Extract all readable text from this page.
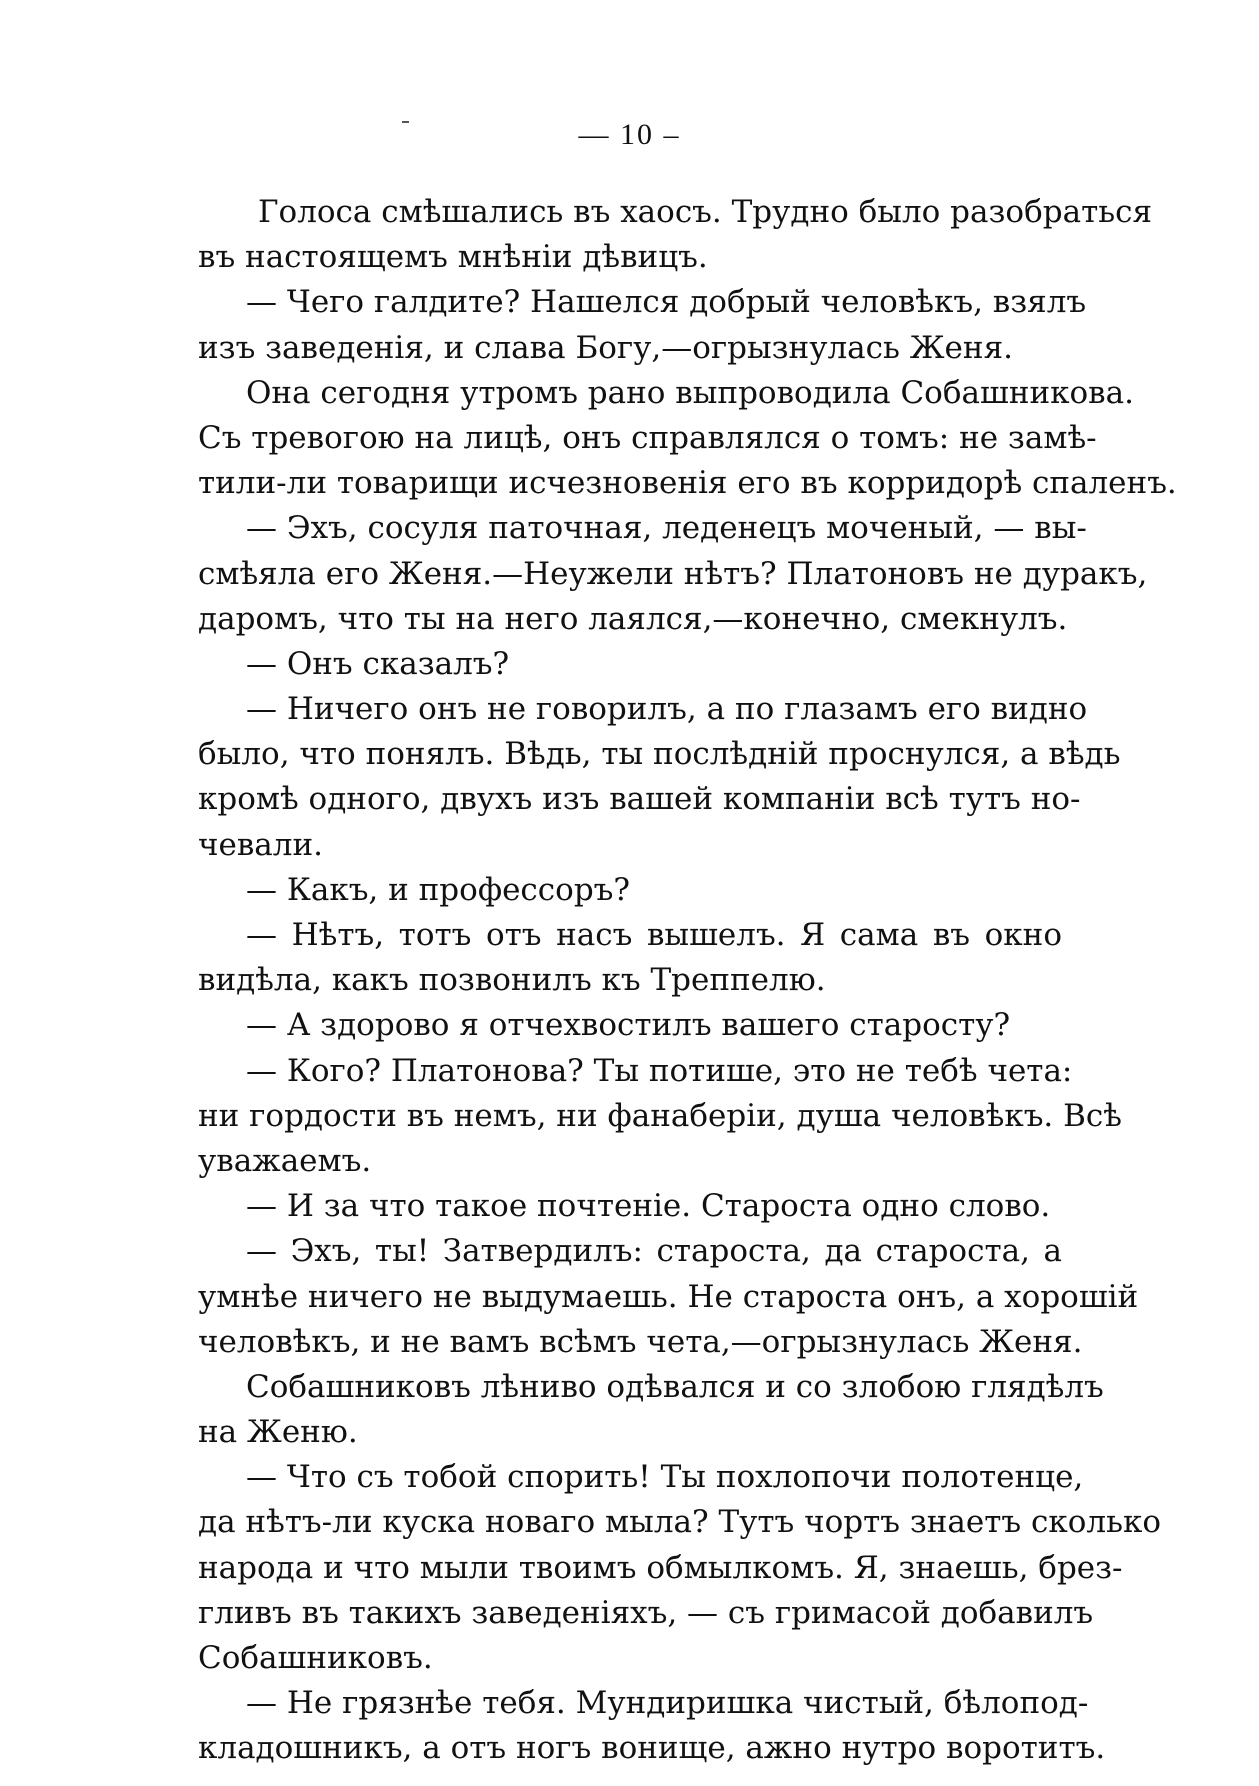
— 10 –
Голоса смѣшались въ хаосъ. Трудно было разобраться
въ настоящемъ мнѣніи дѣвицъ.
— Чего галдите? Нашелся добрый человѣкъ, взялъ
изъ заведенія, и слава Богу,—огрызнулась Женя.
Она сегодня утромъ рано выпроводила Собашникова.
Съ тревогою на лицѣ, онъ справлялся о томъ: не замѣ-
тили-ли товарищи исчезновенія его въ корридорѣ спаленъ.
— Эхъ, сосуля паточная, леденецъ моченый, — вы-
смѣяла его Женя.—Неужели нѣтъ? Платоновъ не дуракъ,
даромъ, что ты на него лаялся,—конечно, смекнулъ.
— Онъ сказалъ?
— Ничего онъ не говорилъ, а по глазамъ его видно
было, что понялъ. Вѣдь, ты послѣдній проснулся, а вѣдь
кромѣ одного, двухъ изъ вашей компаніи всѣ тутъ но-
чевали.
— Какъ, и профессоръ?
— Нѣтъ, тотъ отъ насъ вышелъ. Я сама въ окно
видѣла, какъ позвонилъ къ Треппелю.
— А здорово я отчехвостилъ вашего старосту?
— Кого? Платонова? Ты потише, это не тебѣ чета:
ни гордости въ немъ, ни фанаберіи, душа человѣкъ. Всѣ
уважаемъ.
— И за что такое почтеніе. Староста одно слово.
— Эхъ, ты! Затвердилъ: староста, да староста, а
умнѣе ничего не выдумаешь. Не староста онъ, а хорошій
человѣкъ, и не вамъ всѣмъ чета,—огрызнулась Женя.
Собашниковъ лѣниво одѣвался и со злобою глядѣлъ
на Женю.
— Что съ тобой спорить! Ты похлопочи полотенце,
да нѣтъ-ли куска новаго мыла? Тутъ чортъ знаетъ сколько
народа и что мыли твоимъ обмылкомъ. Я, знаешь, брез-
гливъ въ такихъ заведеніяхъ, — съ гримасой добавилъ
Собашниковъ.
— Не грязнѣе тебя. Мундиришка чистый, бѣлопод-
кладошникъ, а отъ ногъ вонище, ажно нутро воротитъ.
